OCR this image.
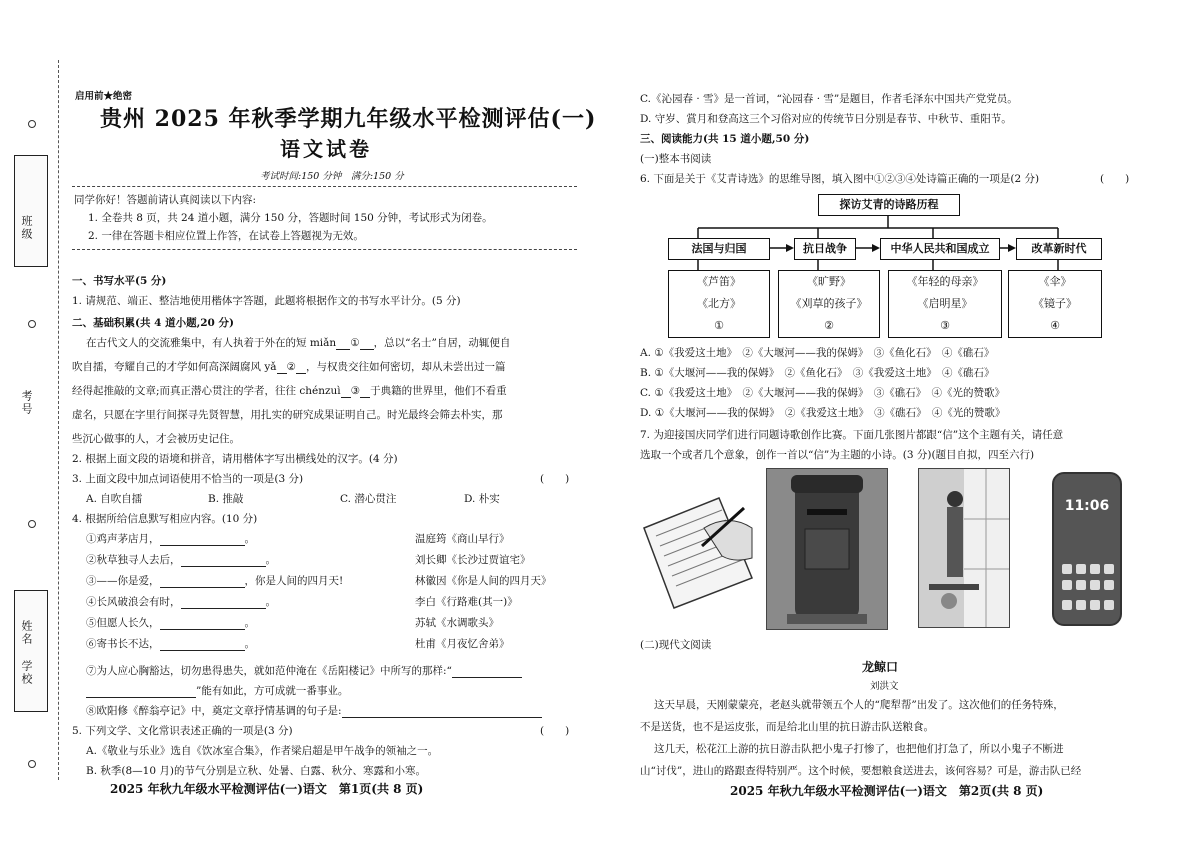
班级
考号
姓名
学校
启用前★绝密
贵州 2025 年秋季学期九年级水平检测评估(一)
语文试卷
考试时间:150 分钟　满分:150 分
同学你好！答题前请认真阅读以下内容:
1. 全卷共 8 页，共 24 道小题，满分 150 分，答题时间 150 分钟，考试形式为闭卷。
2. 一律在答题卡相应位置上作答，在试卷上答题视为无效。
一、书写水平(5 分)
1. 请规范、端正、整洁地使用楷体字答题，此题将根据作文的书写水平计分。(5 分)
二、基础积累(共 4 道小题,20 分)
在古代文人的交流雅集中，有人执着于外在的短 miǎn ① ，总以“名士”自居，动辄便自
吹自擂，夸耀自己的才学如何高深阔腐风 yǎ ② ，与权贵交往如何密切，却从未尝出过一篇
经得起推敲的文章;而真正潜心贯注的学者，往往 chénzuì ③ 于典籍的世界里，他们不看重
虚名，只愿在字里行间探寻先贤智慧，用扎实的研究成果证明自己。时光最终会筛去朴实，那
些沉心做事的人，才会被历史记住。
2. 根据上面文段的语境和拼音，请用楷体字写出横线处的汉字。(4 分)
3. 上面文段中加点词语使用不恰当的一项是(3 分)	(　　)
A. 自吹自擂	B. 推敲	C. 潜心贯注	D. 朴实
4. 根据所给信息默写相应内容。(10 分)
①鸡声茅店月，	。	温庭筠《商山早行》
②秋草独寻人去后，	。	刘长卿《长沙过贾谊宅》
③——你是爱，	，你是人间的四月天!	林徽因《你是人间的四月天》
④长风破浪会有时，	。	李白《行路难(其一)》
⑤但愿人长久，	。	苏轼《水调歌头》
⑥寄书长不达，	。	杜甫《月夜忆舍弟》
⑦为人应心胸豁达，切勿患得患失，就如范仲淹在《岳阳楼记》中所写的那样:“
”能有如此，方可成就一番事业。
⑧欧阳修《醉翁亭记》中，奠定文章抒情基调的句子是:
5. 下列文学、文化常识表述正确的一项是(3 分)	(　　)
A.《敬业与乐业》选自《饮冰室合集》，作者梁启超是甲午战争的领袖之一。
B. 秋季(8—10 月)的节气分别是立秋、处暑、白露、秋分、寒露和小寒。
2025 年秋九年级水平检测评估(一)语文　第1页(共 8 页)
C.《沁园春 · 雪》是一首词，“沁园春 · 雪”是题目，作者毛泽东中国共产党党员。
D. 守岁、賞月和登高这三个习俗对应的传统节日分别是春节、中秋节、重阳节。
三、阅读能力(共 15 道小题,50 分)
(一)整本书阅读
6. 下面是关于《艾青诗选》的思维导图，填入图中①②③④处诗篇正确的一项是(2 分)	(　　)
探访艾青的诗路历程
法国与归国	抗日战争	中华人民共和国成立	改革新时代
《芦笛》
《北方》
①
《旷野》
《刈草的孩子》
②
《年轻的母亲》
《启明星》
③
《伞》
《镜子》
④
A. ①《我爱这土地》　②《大堰河——我的保姆》　③《鱼化石》　④《礁石》
B. ①《大堰河——我的保姆》　②《鱼化石》　③《我爱这土地》　④《礁石》
C. ①《我爱这土地》　②《大堰河——我的保姆》　③《礁石》　④《光的赞歌》
D. ①《大堰河——我的保姆》　②《我爱这土地》　③《礁石》　④《光的赞歌》
7. 为迎接国庆同学们进行同题诗歌创作比赛。下面几张图片都跟“信”这个主题有关，请任意
选取一个或者几个意象，创作一首以“信”为主题的小诗。(3 分)(题目自拟，四至六行)
11:06
(二)现代文阅读
龙鲸口
刘洪文
这天早晨，天刚蒙蒙亮，老赵头就带领五个人的“爬犁帮”出发了。这次他们的任务特殊，
不是送货，也不是运皮张，而是给北山里的抗日游击队送粮食。
这几天，松花江上游的抗日游击队把小鬼子打惨了，也把他们打急了，所以小鬼子不断进
山“讨伐”，进山的路跟查得特别严。这个时候，要想粮食送进去，该何容易？可是，游击队已经
2025 年秋九年级水平检测评估(一)语文　第2页(共 8 页)
